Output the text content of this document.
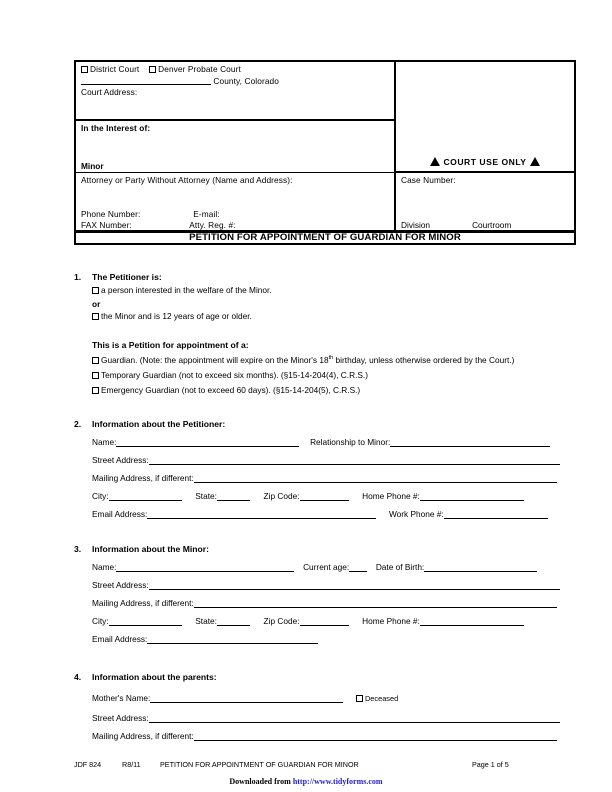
District Court Denver Probate Court
County, Colorado
Court Address:
In the Interest of:
Minor
Attorney or Party Without Attorney (Name and Address):
Phone Number:	E-mail:
FAX Number:	Atty. Reg. #:
COURT USE ONLY
Case Number:
Division	Courtroom
PETITION FOR APPOINTMENT OF GUARDIAN FOR MINOR
1. The Petitioner is:
a person interested in the welfare of the Minor.
or
the Minor and is 12 years of age or older.
This is a Petition for appointment of a:
Guardian. (Note: the appointment will expire on the Minor's 18th birthday, unless otherwise ordered by the Court.)
Temporary Guardian (not to exceed six months). (§15-14-204(4), C.R.S.)
Emergency Guardian (not to exceed 60 days). (§15-14-204(5), C.R.S.)
2. Information about the Petitioner:
Name:	Relationship to Minor:
Street Address:
Mailing Address, if different:
City:	State:	Zip Code:	Home Phone #:
Email Address:	Work Phone #:
3. Information about the Minor:
Name:	Current age:	Date of Birth:
Street Address:
Mailing Address, if different:
City:	State:	Zip Code:	Home Phone #:
Email Address:
4. Information about the parents:
Mother's Name:	Deceased
Street Address:
Mailing Address, if different:
JDF 824	R8/11	PETITION FOR APPOINTMENT OF GUARDIAN FOR MINOR	Page 1 of 5
Downloaded from http://www.tidyforms.com
